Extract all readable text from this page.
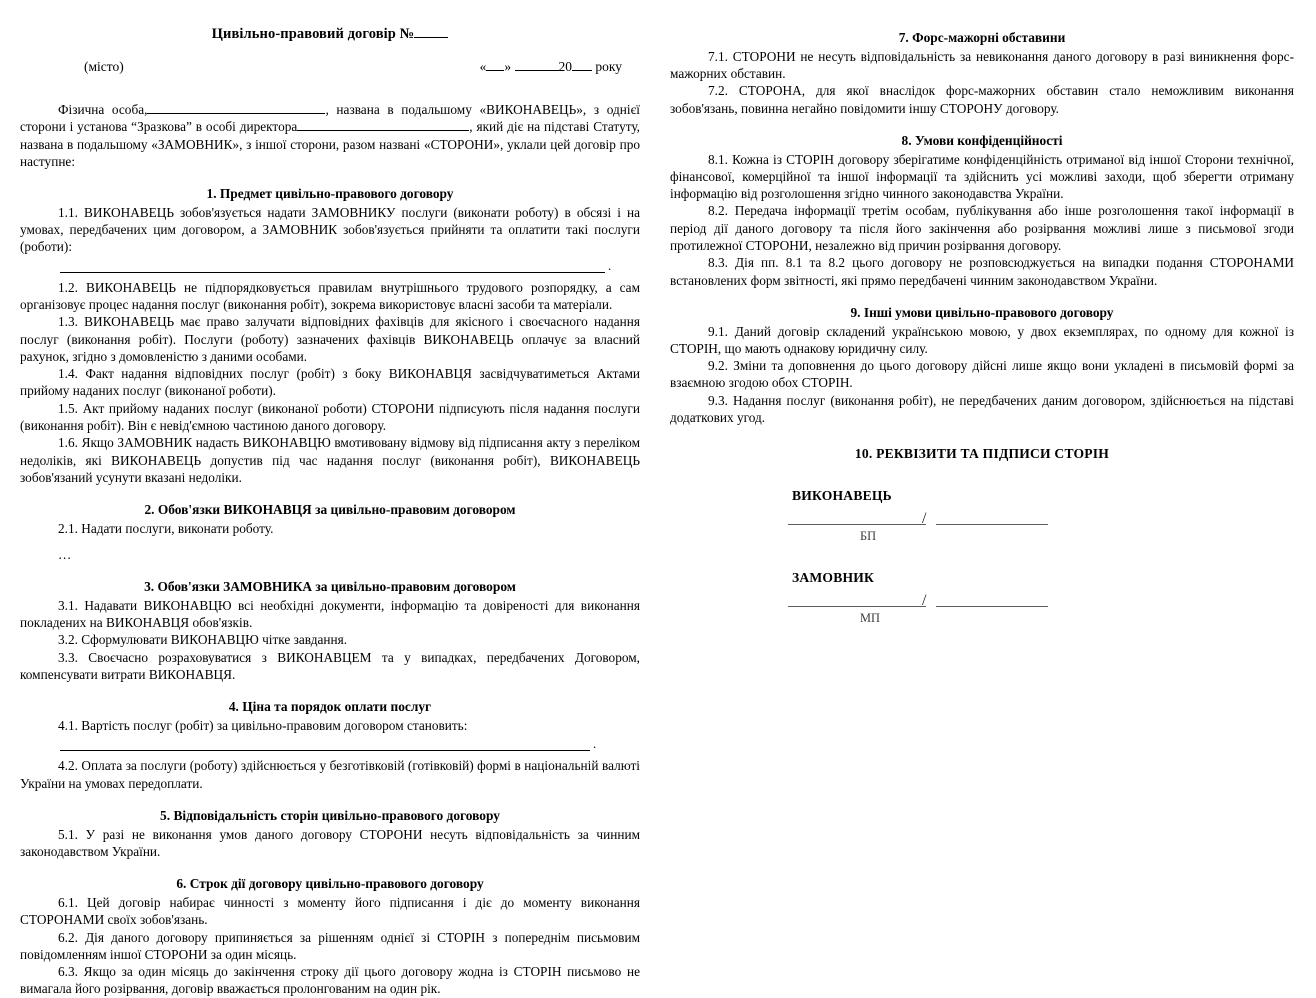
Цивільно-правовий договір №
(місто)	« »	20 року

Фізична особа,	, названа в подальшому «ВИКОНАВЕЦЬ», з однієї сторони і установа “Зразкова” в особі директора	, який діє на підставі Статуту, названа в подальшому «ЗАМОВНИК», з іншої сторони, разом названі «СТОРОНИ», уклали цей договір про наступне:

1. Предмет цивільно-правового договору

1.1. ВИКОНАВЕЦЬ зобов'язується надати ЗАМОВНИКУ послуги (виконати роботу) в обсязі і на умовах, передбачених цим договором, а ЗАМОВНИК зобов'язується прийняти та оплатити такі послуги (роботи):

.

1.2. ВИКОНАВЕЦЬ не підпорядковується правилам внутрішнього трудового розпорядку, а сам організовує процес надання послуг (виконання робіт), зокрема використовує власні засоби та матеріали.

1.3. ВИКОНАВЕЦЬ має право залучати відповідних фахівців для якісного і своєчасного надання послуг (виконання робіт). Послуги (роботу) зазначених фахівців ВИКОНАВЕЦЬ оплачує за власний рахунок, згідно з домовленістю з даними особами.

1.4. Факт надання відповідних послуг (робіт) з боку ВИКОНАВЦЯ засвідчуватиметься Актами прийому наданих послуг (виконаної роботи).

1.5. Акт прийому наданих послуг (виконаної роботи) СТОРОНИ підписують після надання послуги (виконання робіт). Він є невід'ємною частиною даного договору.

1.6. Якщо ЗАМОВНИК надасть ВИКОНАВЦЮ вмотивовану відмову від підписання акту з переліком недоліків, які ВИКОНАВЕЦЬ допустив під час надання послуг (виконання робіт), ВИКОНАВЕЦЬ зобов'язаний усунути вказані недоліки.

2. Обов'язки ВИКОНАВЦЯ за цивільно-правовим договором

2.1. Надати послуги, виконати роботу.

…

3. Обов'язки ЗАМОВНИКА за цивільно-правовим договором

3.1. Надавати ВИКОНАВЦЮ всі необхідні документи, інформацію та довіреності для виконання покладених на ВИКОНАВЦЯ обов'язків.

3.2. Сформулювати ВИКОНАВЦЮ чітке завдання.

3.3. Своєчасно розраховуватися з ВИКОНАВЦЕМ та у випадках, передбачених Договором, компенсувати витрати ВИКОНАВЦЯ.

4. Ціна та порядок оплати послуг

4.1. Вартість послуг (робіт) за цивільно-правовим договором становить:

.

4.2. Оплата за послуги (роботу) здійснюється у безготівковій (готівковій) формі в національній валюті України на умовах передоплати.

5. Відповідальність сторін цивільно-правового договору

5.1. У разі не виконання умов даного договору СТОРОНИ несуть відповідальність за чинним законодавством України.

6. Строк дії договору цивільно-правового договору

6.1. Цей договір набирає чинності з моменту його підписання і діє до моменту виконання СТОРОНАМИ своїх зобов'язань.

6.2. Дія даного договору припиняється за рішенням однієї зі СТОРІН з попереднім письмовим повідомленням іншої СТОРОНИ за один місяць.

6.3. Якщо за один місяць до закінчення строку дії цього договору жодна із СТОРІН письмово не вимагала його розірвання, договір вважається пролонгованим на один рік.

7. Форс-мажорні обставини

7.1. СТОРОНИ не несуть відповідальність за невиконання даного договору в разі виникнення форс-мажорних обставин.

7.2. СТОРОНА, для якої внаслідок форс-мажорних обставин стало неможливим виконання зобов'язань, повинна негайно повідомити іншу СТОРОНУ договору.

8. Умови конфіденційності

8.1. Кожна із СТОРІН договору зберігатиме конфіденційність отриманої від іншої Сторони технічної, фінансової, комерційної та іншої інформації та здійснить усі можливі заходи, щоб зберегти отриману інформацію від розголошення згідно чинного законодавства України.

8.2. Передача інформації третім особам, публікування або інше розголошення такої інформації в період дії даного договору та після його закінчення або розірвання можливі лише з письмової згоди протилежної СТОРОНИ, незалежно від причин розірвання договору.

8.3. Дія пп. 8.1 та 8.2 цього договору не розповсюджується на випадки подання СТОРОНАМИ встановлених форм звітності, які прямо передбачені чинним законодавством України.

9. Інші умови цивільно-правового договору

9.1. Даний договір складений українською мовою, у двох екземплярах, по одному для кожної із СТОРІН, що мають однакову юридичну силу.

9.2. Зміни та доповнення до цього договору дійсні лише якщо вони укладені в письмовій формі за взаємною згодою обох СТОРІН.

9.3. Надання послуг (виконання робіт), не передбачених даним договором, здійснюється на підставі додаткових угод.

10. РЕКВІЗИТИ ТА ПІДПИСИ СТОРІН
ВИКОНАВЕЦЬ
/
БП
ЗАМОВНИК
/
МП
